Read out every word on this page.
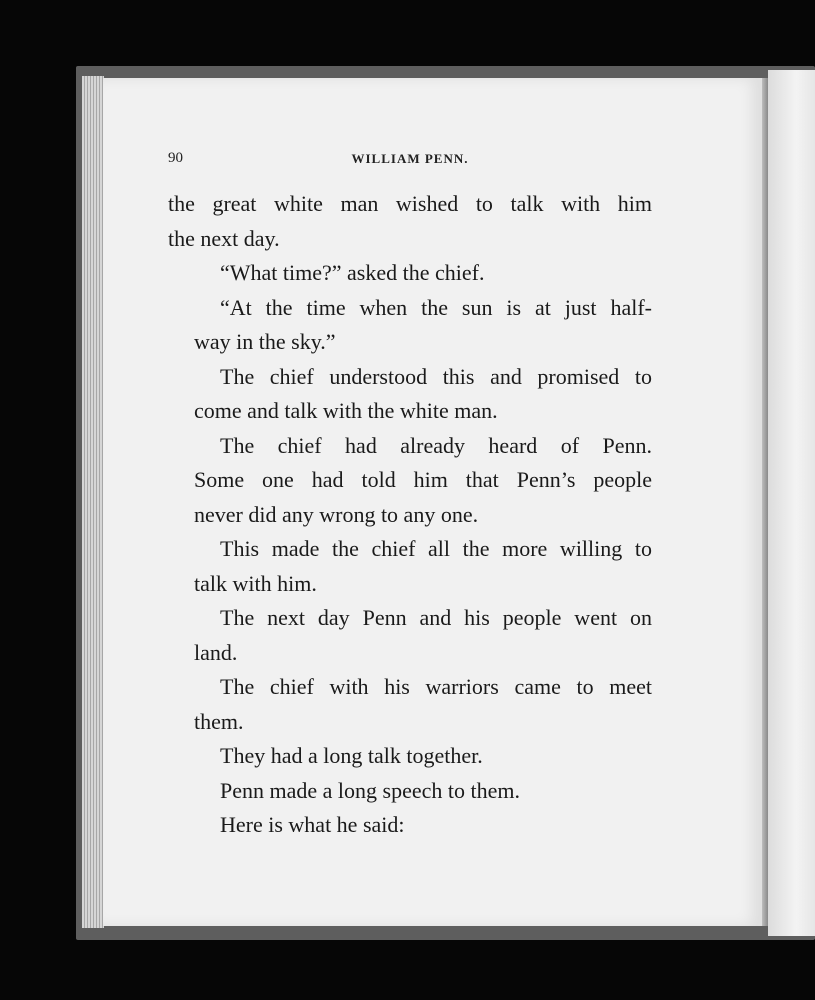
90	WILLIAM PENN.

the great white man wished to talk with him
the next day.

“What time?” asked the chief.

“At the time when the sun is at just half-
way in the sky.”

The chief understood this and promised to
come and talk with the white man.

The chief had already heard of Penn.
Some one had told him that Penn’s people
never did any wrong to any one.

This made the chief all the more willing to
talk with him.

The next day Penn and his people went on
land.

The chief with his warriors came to meet
them.

They had a long talk together.

Penn made a long speech to them.

Here is what he said:
